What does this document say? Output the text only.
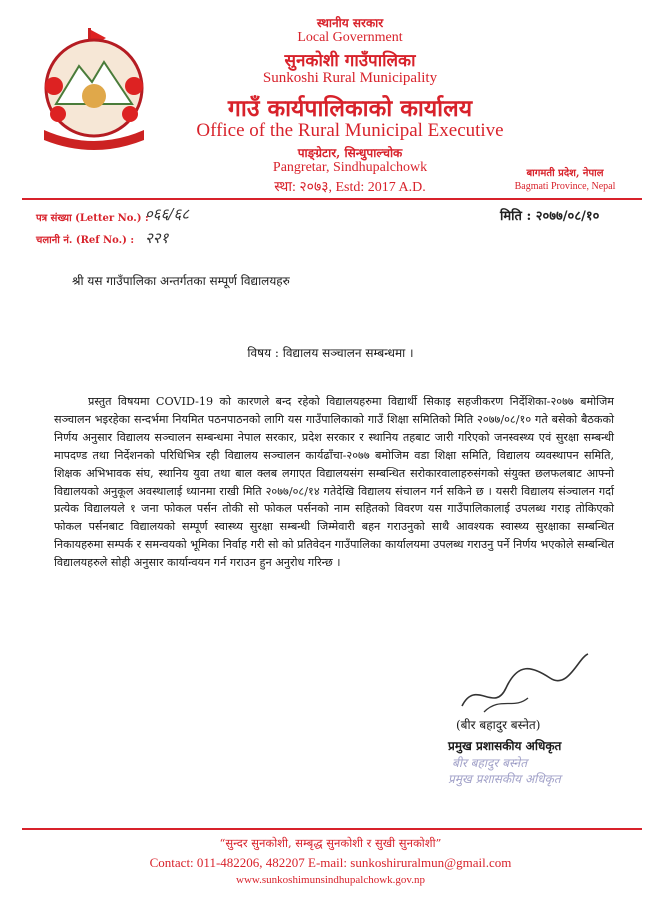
स्थानीय सरकार
Local Government
सुनकोशी गाउँपालिका
Sunkoshi Rural Municipality
गाउँ कार्यपालिकाको कार्यालय
Office of the Rural Municipal Executive
पाङ्ग्रेटार, सिन्धुपाल्चोक
Pangretar, Sindhupalchowk
स्था: २०७३, Estd: 2017 A.D.
बागमती प्रदेश, नेपाल
Bagmati Province, Nepal
पत्र संख्या (Letter No.) :
०६६/६८
चलानी नं. (Ref No.) : २२१
मिति : २०७७/०८/१०
श्री यस गाउँपालिका अन्तर्गतका सम्पूर्ण विद्यालयहरु
विषय : विद्यालय सञ्चालन सम्बन्धमा ।

प्रस्तुत विषयमा COVID-19 को कारणले बन्द रहेको विद्यालयहरुमा विद्यार्थी सिकाइ सहजीकरण निर्देशिका-२०७७ बमोजिम सञ्चालन भइरहेका सन्दर्भमा नियमित पठनपाठनको लागि यस गाउँपालिकाको गाउँ शिक्षा समितिको मिति २०७७/०८/१० गते बसेको बैठकको निर्णय अनुसार विद्यालय सञ्चालन सम्बन्धमा नेपाल सरकार, प्रदेश सरकार र स्थानिय तहबाट जारी गरिएको जनस्वस्थ्य एवं सुरक्षा सम्बन्धी मापदण्ड तथा निर्देशनको परिधिभित्र रही विद्यालय सञ्चालन कार्यढाँचा-२०७७ बमोजिम वडा शिक्षा समिति, विद्यालय व्यवस्थापन समिति, शिक्षक अभिभावक संघ, स्थानिय युवा तथा बाल क्लब लगाएत विद्यालयसंग सम्बन्धित सरोकारवालाहरुसंगको संयुक्त छलफलबाट आफ्नो विद्यालयको अनुकूल अवस्थालाई ध्यानमा राखी मिति २०७७/०८/१४ गतेदेखि विद्यालय संचालन गर्न सकिने छ । यसरी विद्यालय संञ्चालन गर्दा प्रत्येक विद्यालयले १ जना फोकल पर्सन तोकी सो फोकल पर्सनको नाम सहितको विवरण यस गाउँपालिकालाई उपलब्ध गराइ तोकिएको फोकल पर्सनबाट विद्यालयको सम्पूर्ण स्वास्थ्य सुरक्षा सम्बन्धी जिम्मेवारी बहन गराउनुको साथै आवश्यक स्वास्थ्य सुरक्षाका सम्बन्धित निकायहरुमा सम्पर्क र समन्वयको भूमिका निर्वाह गरी सो को प्रतिवेदन गाउँपालिका कार्यालयमा उपलब्ध गराउनु पर्ने निर्णय भएकोले सम्बन्धित विद्यालयहरुले सोही अनुसार कार्यान्वयन गर्न गराउन हुन अनुरोध गरिन्छ ।

(बीर बहादुर बस्नेत)
प्रमुख प्रशासकीय अधिकृत
बीर बहादुर बस्नेत
प्रमुख प्रशासकीय अधिकृत
“सुन्दर सुनकोशी, सम्बृद्ध सुनकोशी र सुखी सुनकोशी”
Contact: 011-482206, 482207 E-mail: sunkoshiruralmun@gmail.com
www.sunkoshimunsindhupalchowk.gov.np
